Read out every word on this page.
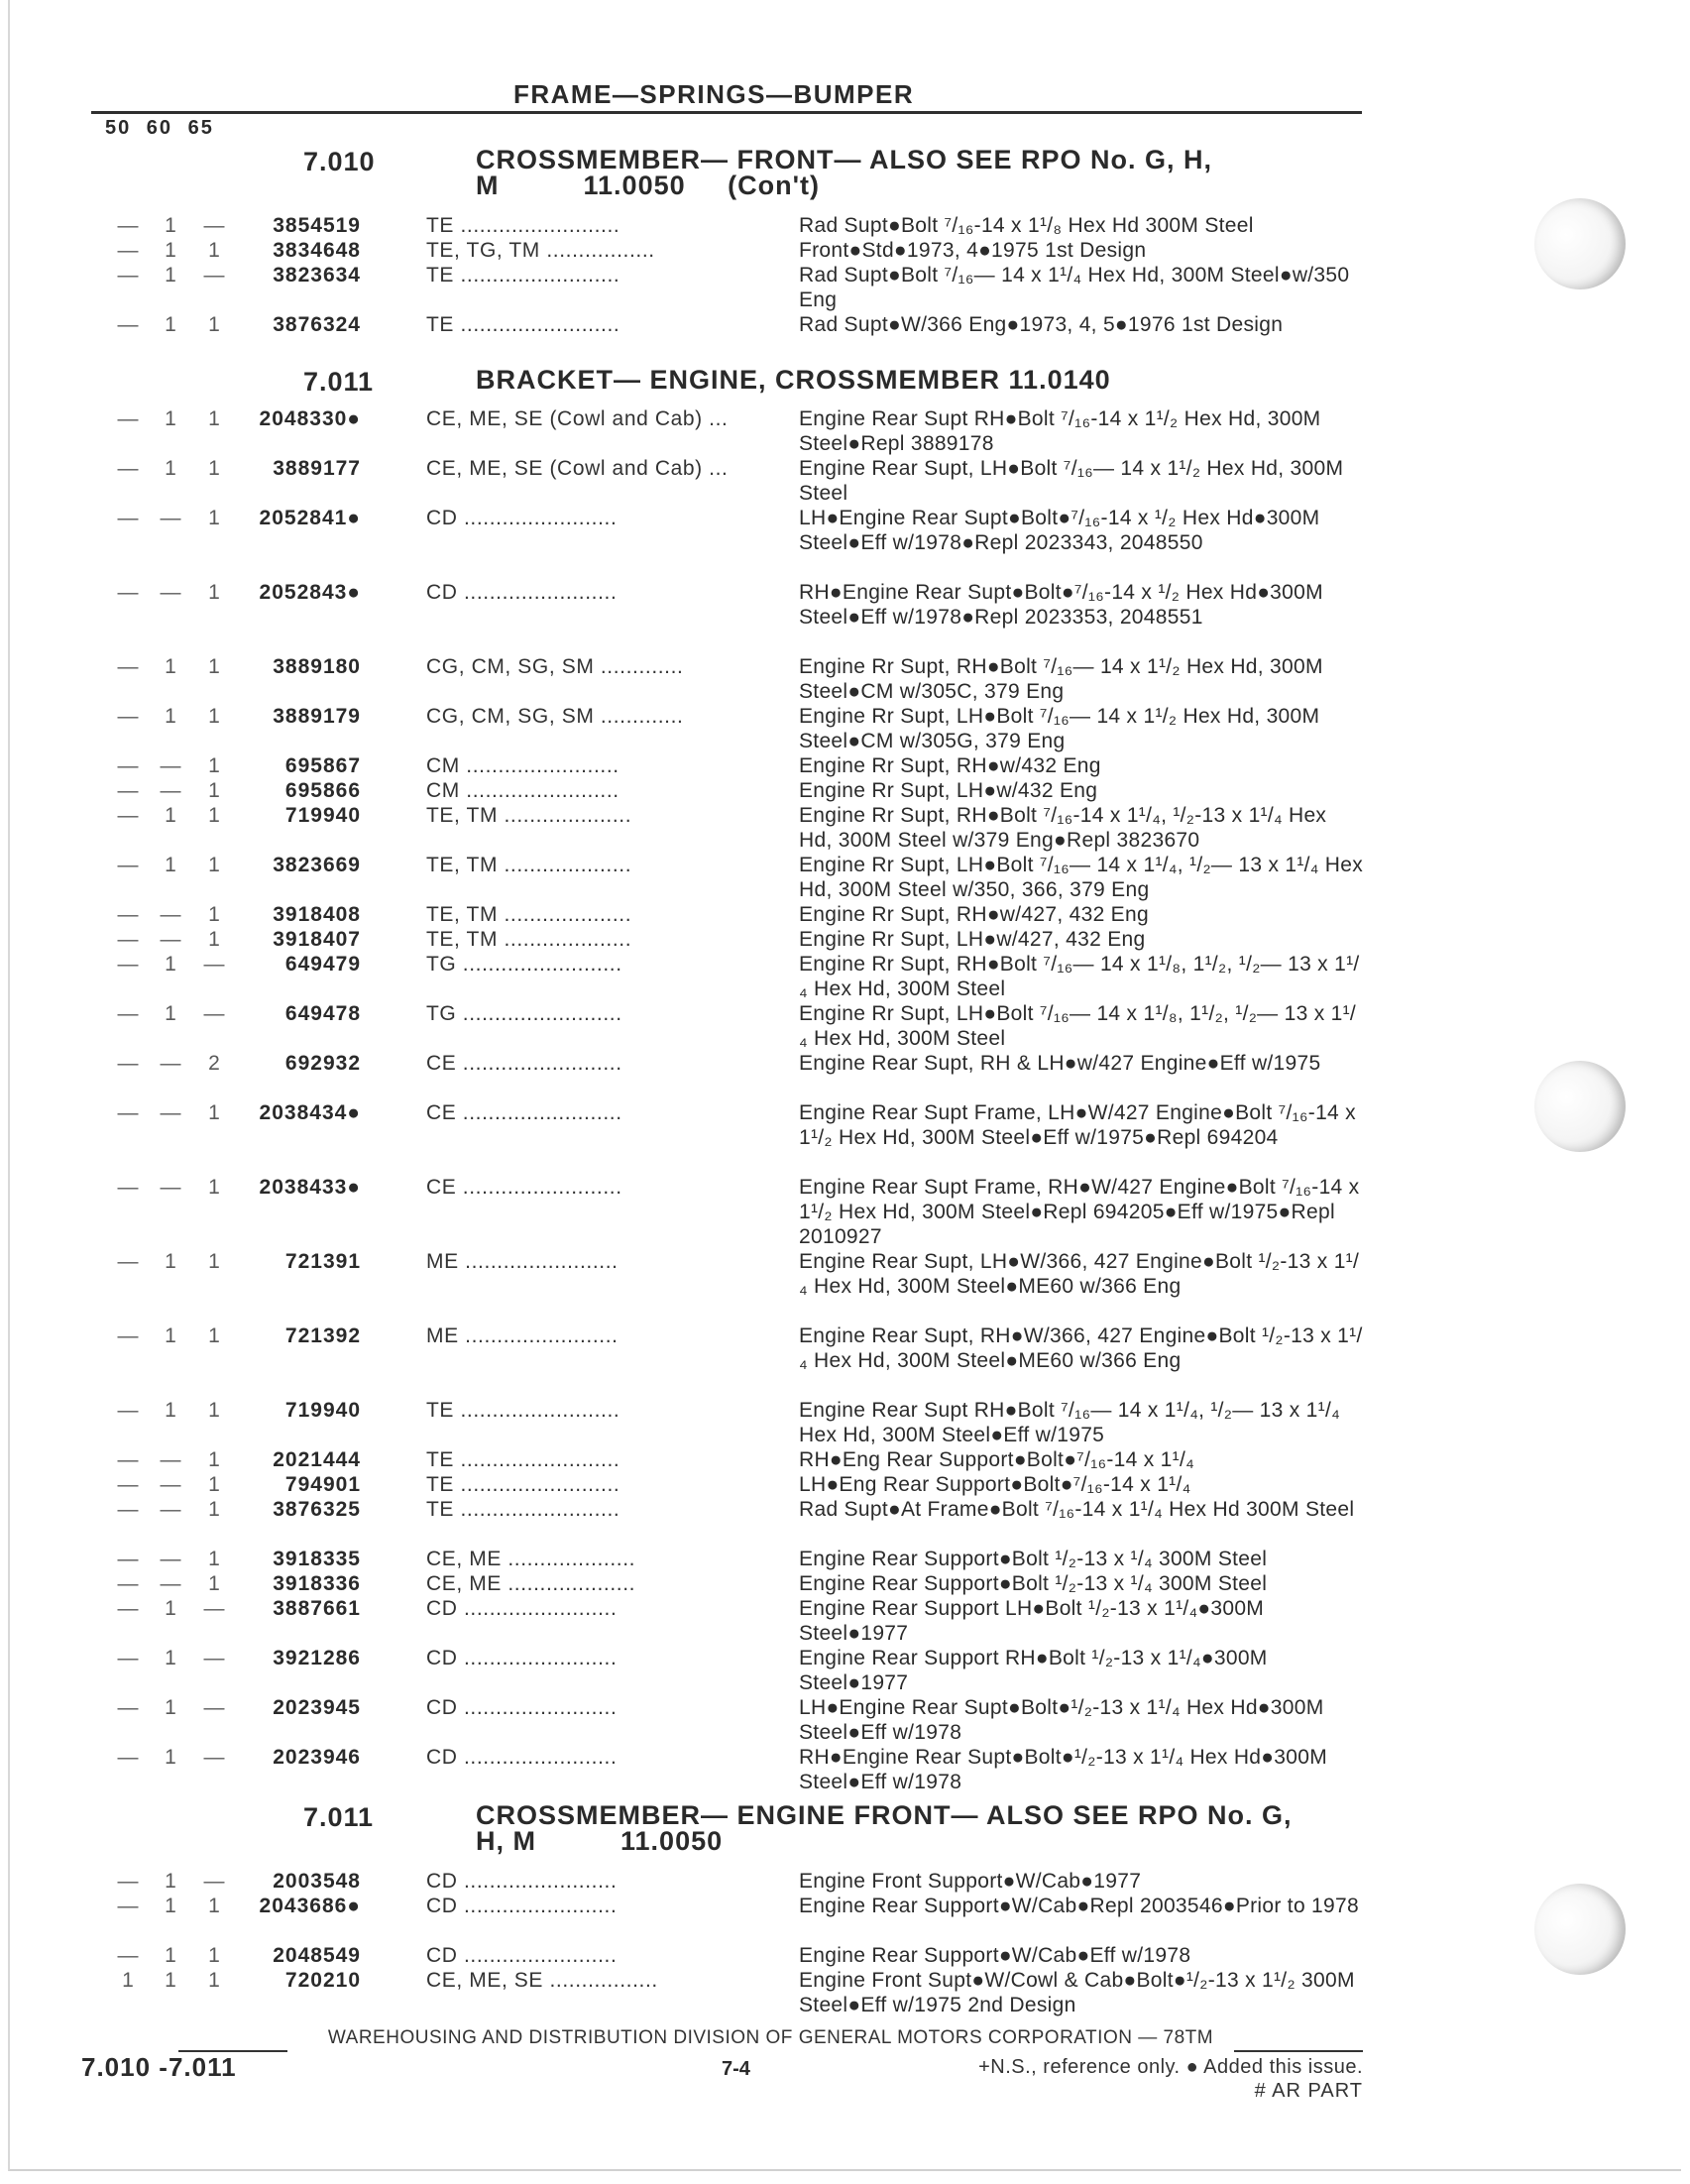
FRAME—SPRINGS—BUMPER
50 60 65
7.010	CROSSMEMBER— FRONT— ALSO SEE RPO No. G, H,
M          11.0050     (Con't)
—	1	—	3854519	TE .........................	Rad Supt●Bolt ⁷/₁₆-14 x 1¹/₈ Hex Hd 300M Steel
—	1	1	3834648	TE, TG, TM .................	Front●Std●1973, 4●1975 1st Design
—	1	—	3823634	TE .........................	Rad Supt●Bolt ⁷/₁₆— 14 x 1¹/₄ Hex Hd, 300M Steel●w/350 Eng
—	1	1	3876324	TE .........................	Rad Supt●W/366 Eng●1973, 4, 5●1976 1st Design
7.011	BRACKET— ENGINE, CROSSMEMBER 11.0140
—	1	1	2048330●	CE, ME, SE (Cowl and Cab) ...	Engine Rear Supt RH●Bolt ⁷/₁₆-14 x 1¹/₂ Hex Hd, 300M Steel●Repl 3889178
—	1	1	3889177	CE, ME, SE (Cowl and Cab) ...	Engine Rear Supt, LH●Bolt ⁷/₁₆— 14 x 1¹/₂ Hex Hd, 300M Steel
— —	1	2052841●	CD ........................	LH●Engine Rear Supt●Bolt●⁷/₁₆-14 x ¹/₂ Hex Hd●300M Steel●Eff w/1978●Repl 2023343, 2048550
— —	1	2052843●	CD ........................	RH●Engine Rear Supt●Bolt●⁷/₁₆-14 x ¹/₂ Hex Hd●300M Steel●Eff w/1978●Repl 2023353, 2048551
—	1	1	3889180	CG, CM, SG, SM .............	Engine Rr Supt, RH●Bolt ⁷/₁₆— 14 x 1¹/₂ Hex Hd, 300M Steel●CM w/305C, 379 Eng
—	1	1	3889179	CG, CM, SG, SM .............	Engine Rr Supt, LH●Bolt ⁷/₁₆— 14 x 1¹/₂ Hex Hd, 300M Steel●CM w/305G, 379 Eng
— —	1	695867	CM ........................	Engine Rr Supt, RH●w/432 Eng
— —	1	695866	CM ........................	Engine Rr Supt, LH●w/432 Eng
—	1	1	719940	TE, TM ....................	Engine Rr Supt, RH●Bolt ⁷/₁₆-14 x 1¹/₄, ¹/₂-13 x 1¹/₄ Hex Hd, 300M Steel w/379 Eng●Repl 3823670
—	1	1	3823669	TE, TM ....................	Engine Rr Supt, LH●Bolt ⁷/₁₆— 14 x 1¹/₄, ¹/₂— 13 x 1¹/₄ Hex Hd, 300M Steel w/350, 366, 379 Eng
— —	1	3918408	TE, TM ....................	Engine Rr Supt, RH●w/427, 432 Eng
— —	1	3918407	TE, TM ....................	Engine Rr Supt, LH●w/427, 432 Eng
—	1	—	649479	TG .........................	Engine Rr Supt, RH●Bolt ⁷/₁₆— 14 x 1¹/₈, 1¹/₂, ¹/₂— 13 x 1¹/₄ Hex Hd, 300M Steel
—	1	—	649478	TG .........................	Engine Rr Supt, LH●Bolt ⁷/₁₆— 14 x 1¹/₈, 1¹/₂, ¹/₂— 13 x 1¹/₄ Hex Hd, 300M Steel
— —	2	692932	CE .........................	Engine Rear Supt, RH & LH●w/427 Engine●Eff w/1975
— —	1	2038434●	CE .........................	Engine Rear Supt Frame, LH●W/427 Engine●Bolt ⁷/₁₆-14 x 1¹/₂ Hex Hd, 300M Steel●Eff w/1975●Repl 694204
— —	1	2038433●	CE .........................	Engine Rear Supt Frame, RH●W/427 Engine●Bolt ⁷/₁₆-14 x 1¹/₂ Hex Hd, 300M Steel●Repl 694205●Eff w/1975●Repl 2010927
—	1	1	721391	ME ........................	Engine Rear Supt, LH●W/366, 427 Engine●Bolt ¹/₂-13 x 1¹/₄ Hex Hd, 300M Steel●ME60 w/366 Eng
—	1	1	721392	ME ........................	Engine Rear Supt, RH●W/366, 427 Engine●Bolt ¹/₂-13 x 1¹/₄ Hex Hd, 300M Steel●ME60 w/366 Eng
—	1	1	719940	TE .........................	Engine Rear Supt RH●Bolt ⁷/₁₆— 14 x 1¹/₄, ¹/₂— 13 x 1¹/₄ Hex Hd, 300M Steel●Eff w/1975
— —	1	2021444	TE .........................	RH●Eng Rear Support●Bolt●⁷/₁₆-14 x 1¹/₄
— —	1	794901	TE .........................	LH●Eng Rear Support●Bolt●⁷/₁₆-14 x 1¹/₄
— —	1	3876325	TE .........................	Rad Supt●At Frame●Bolt ⁷/₁₆-14 x 1¹/₄ Hex Hd 300M Steel
— —	1	3918335	CE, ME ....................	Engine Rear Support●Bolt ¹/₂-13 x ¹/₄ 300M Steel
— —	1	3918336	CE, ME ....................	Engine Rear Support●Bolt ¹/₂-13 x ¹/₄ 300M Steel
—	1	—	3887661	CD ........................	Engine Rear Support LH●Bolt ¹/₂-13 x 1¹/₄●300M Steel●1977
—	1	—	3921286	CD ........................	Engine Rear Support RH●Bolt ¹/₂-13 x 1¹/₄●300M Steel●1977
—	1	—	2023945	CD ........................	LH●Engine Rear Supt●Bolt●¹/₂-13 x 1¹/₄ Hex Hd●300M Steel●Eff w/1978
—	1	—	2023946	CD ........................	RH●Engine Rear Supt●Bolt●¹/₂-13 x 1¹/₄ Hex Hd●300M Steel●Eff w/1978
7.011	CROSSMEMBER— ENGINE FRONT— ALSO SEE RPO No. G,
H, M          11.0050
—	1	—	2003548	CD ........................	Engine Front Support●W/Cab●1977
—	1	1	2043686●	CD ........................	Engine Rear Support●W/Cab●Repl 2003546●Prior to 1978
—	1	1	2048549	CD ........................	Engine Rear Support●W/Cab●Eff w/1978
1	1	1	720210	CE, ME, SE .................	Engine Front Supt●W/Cowl & Cab●Bolt●¹/₂-13 x 1¹/₂ 300M Steel●Eff w/1975 2nd Design
WAREHOUSING AND DISTRIBUTION DIVISION OF GENERAL MOTORS CORPORATION — 78TM
7.010 -7.011	7-4	+N.S., reference only. ● Added this issue.
# AR PART
